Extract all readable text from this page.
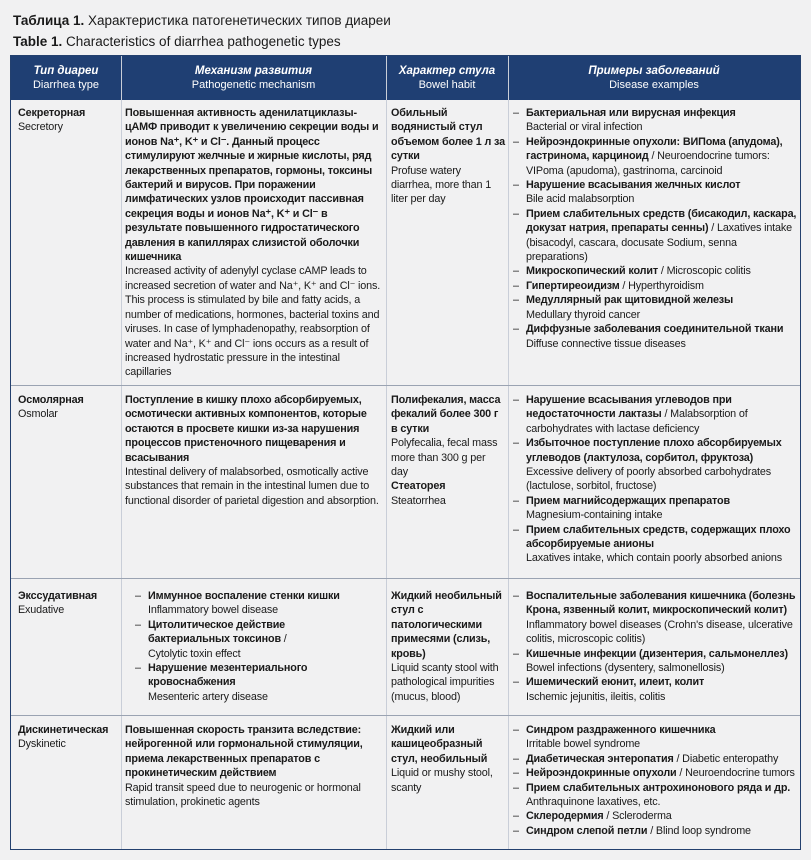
Таблица 1. Характеристика патогенетических типов диареи
Table 1. Characteristics of diarrhea pathogenetic types
Тип диареи
Diarrhea type
Механизм развития
Pathogenetic mechanism
Характер стула
Bowel habit
Примеры заболеваний
Disease examples
Секреторная
Secretory
Повышенная активность аденилатциклазы-цАМФ приводит к увеличению секреции воды и ионов Na⁺, K⁺ и Cl⁻. Данный процесс стимулируют желчные и жирные кислоты, ряд лекарственных препаратов, гормоны, токсины бактерий и вирусов. При поражении лимфатических узлов происходит пассивная секреция воды и ионов Na⁺, K⁺ и Cl⁻ в результате повышенного гидростатического давления в капиллярах слизистой оболочки кишечника
Increased activity of adenylyl cyclase cAMP leads to increased secretion of water and Na⁺, K⁺ and Cl⁻ ions. This process is stimulated by bile and fatty acids, a number of medications, hormones, bacterial toxins and viruses. In case of lymphadenopathy, reabsorption of water and Na⁺, K⁺ and Cl⁻ ions occurs as a result of increased hydrostatic pressure in the intestinal capillaries
Обильный водянистый стул объемом более 1 л за сутки
Profuse watery diarrhea, more than 1 liter per day
– Бактериальная или вирусная инфекция
Bacterial or viral infection
– Нейроэндокринные опухоли: ВИПома (апудома), гастринома, карциноид / Neuroendocrine tumors: VIPoma (apudoma), gastrinoma, carcinoid
– Нарушение всасывания желчных кислот
Bile acid malabsorption
– Прием слабительных средств (бисакодил, каскара, докузат натрия, препараты сенны) / Laxatives intake (bisacodyl, cascara, docusate Sodium, senna preparations)
– Микроскопический колит / Microscopic colitis
– Гипертиреоидизм / Hyperthyroidism
– Медуллярный рак щитовидной железы
Medullary thyroid cancer
– Диффузные заболевания соединительной ткани
Diffuse connective tissue diseases
Осмолярная
Osmolar
Поступление в кишку плохо абсорбируемых, осмотически активных компонентов, которые остаются в просвете кишки из-за нарушения процессов пристеночного пищеварения и всасывания
Intestinal delivery of malabsorbed, osmotically active substances that remain in the intestinal lumen due to functional disorder of parietal digestion and absorption.
Полифекалия, масса фекалий более 300 г в сутки
Polyfecalia, fecal mass more than 300 g per day
Стеаторея
Steatorrhea
– Нарушение всасывания углеводов при недостаточности лактазы / Malabsorption of carbohydrates with lactase deficiency
– Избыточное поступление плохо абсорбируемых углеводов (лактулоза, сорбитол, фруктоза)
Excessive delivery of poorly absorbed carbohydrates (lactulose, sorbitol, fructose)
– Прием магнийсодержащих препаратов
Magnesium-containing intake
– Прием слабительных средств, содержащих плохо абсорбируемые анионы
Laxatives intake, which contain poorly absorbed anions
Экссудативная
Exudative
– Иммунное воспаление стенки кишки
Inflammatory bowel disease
– Цитолитическое действие бактериальных токсинов / Cytolytic toxin effect
– Нарушение мезентериального кровоснабжения
Mesenteric artery disease
Жидкий необильный стул с патологическими примесями (слизь, кровь)
Liquid scanty stool with pathological impurities (mucus, blood)
– Воспалительные заболевания кишечника (болезнь Крона, язвенный колит, микроскопический колит)
Inflammatory bowel diseases (Crohn's disease, ulcerative colitis, microscopic colitis)
– Кишечные инфекции (дизентерия, сальмонеллез)
Bowel infections (dysentery, salmonellosis)
– Ишемический еюнит, илеит, колит
Ischemic jejunitis, ileitis, colitis
Дискинетическая
Dyskinetic
Повышенная скорость транзита вследствие: нейрогенной или гормональной стимуляции, приема лекарственных препаратов с прокинетическим действием
Rapid transit speed due to neurogenic or hormonal stimulation, prokinetic agents
Жидкий или кашицеобразный стул, необильный
Liquid or mushy stool, scanty
– Синдром раздраженного кишечника
Irritable bowel syndrome
– Диабетическая энтеропатия / Diabetic enteropathy
– Нейроэндокринные опухоли / Neuroendocrine tumors
– Прием слабительных антрохинонового ряда и др.
Anthraquinone laxatives, etc.
– Склеродермия / Scleroderma
– Синдром слепой петли / Blind loop syndrome
